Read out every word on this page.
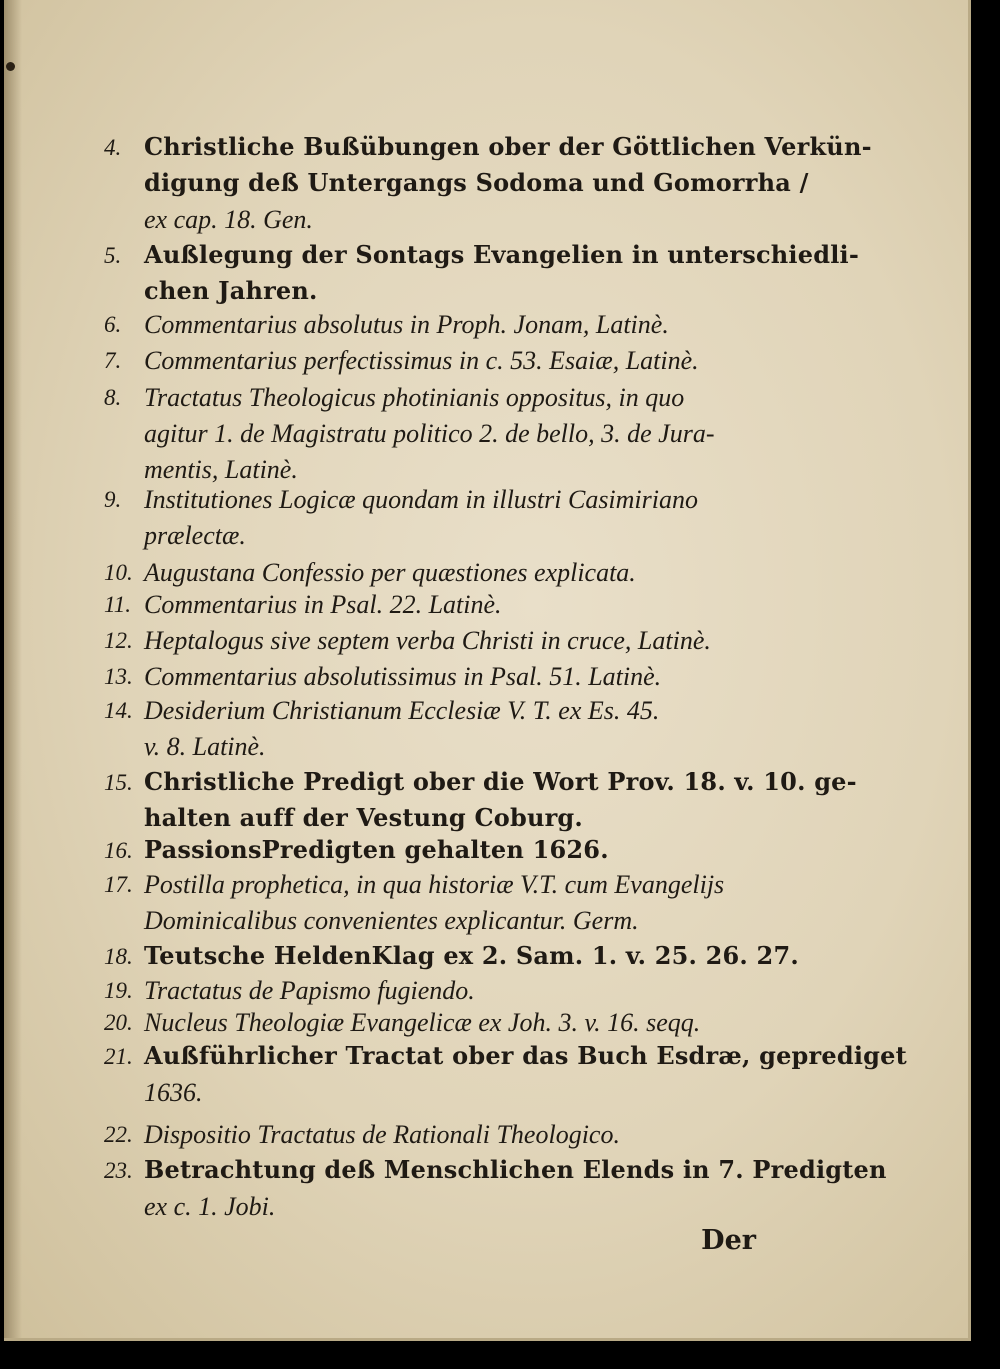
4. Christliche Bußübungen ober der Göttlichen Verkün-
digung deß Untergangs Sodoma und Gomorrha /
ex cap. 18. Gen.
5. Außlegung der Sontags Evangelien in unterschiedli-
chen Jahren.
6. Commentarius absolutus in Proph. Jonam, Latinè.
7. Commentarius perfectissimus in c. 53. Esaiæ, Latinè.
8. Tractatus Theologicus photinianis oppositus, in quo
agitur 1. de Magistratu politico 2. de bello, 3. de Jura-
mentis, Latinè.
9. Institutiones Logicæ quondam in illustri Casimiriano
prælectæ.
10. Augustana Confessio per quæstiones explicata.
11. Commentarius in Psal. 22. Latinè.
12. Heptalogus sive septem verba Christi in cruce, Latinè.
13. Commentarius absolutissimus in Psal. 51. Latinè.
14. Desiderium Christianum Ecclesiæ V. T. ex Es. 45.
v. 8. Latinè.
15. Christliche Predigt ober die Wort Prov. 18. v. 10. ge-
halten auff der Vestung Coburg.
16. PassionsPredigten gehalten 1626.
17. Postilla prophetica, in qua historiæ V.T. cum Evangelijs
Dominicalibus convenientes explicantur. Germ.
18. Teutsche HeldenKlag ex 2. Sam. 1. v. 25. 26. 27.
19. Tractatus de Papismo fugiendo.
20. Nucleus Theologiæ Evangelicæ ex Joh. 3. v. 16. seqq.
21. Außführlicher Tractat ober das Buch Esdræ, geprediget
1636.
22. Dispositio Tractatus de Rationali Theologico.
23. Betrachtung deß Menschlichen Elends in 7. Predigten
ex c. 1. Jobi.
Der
